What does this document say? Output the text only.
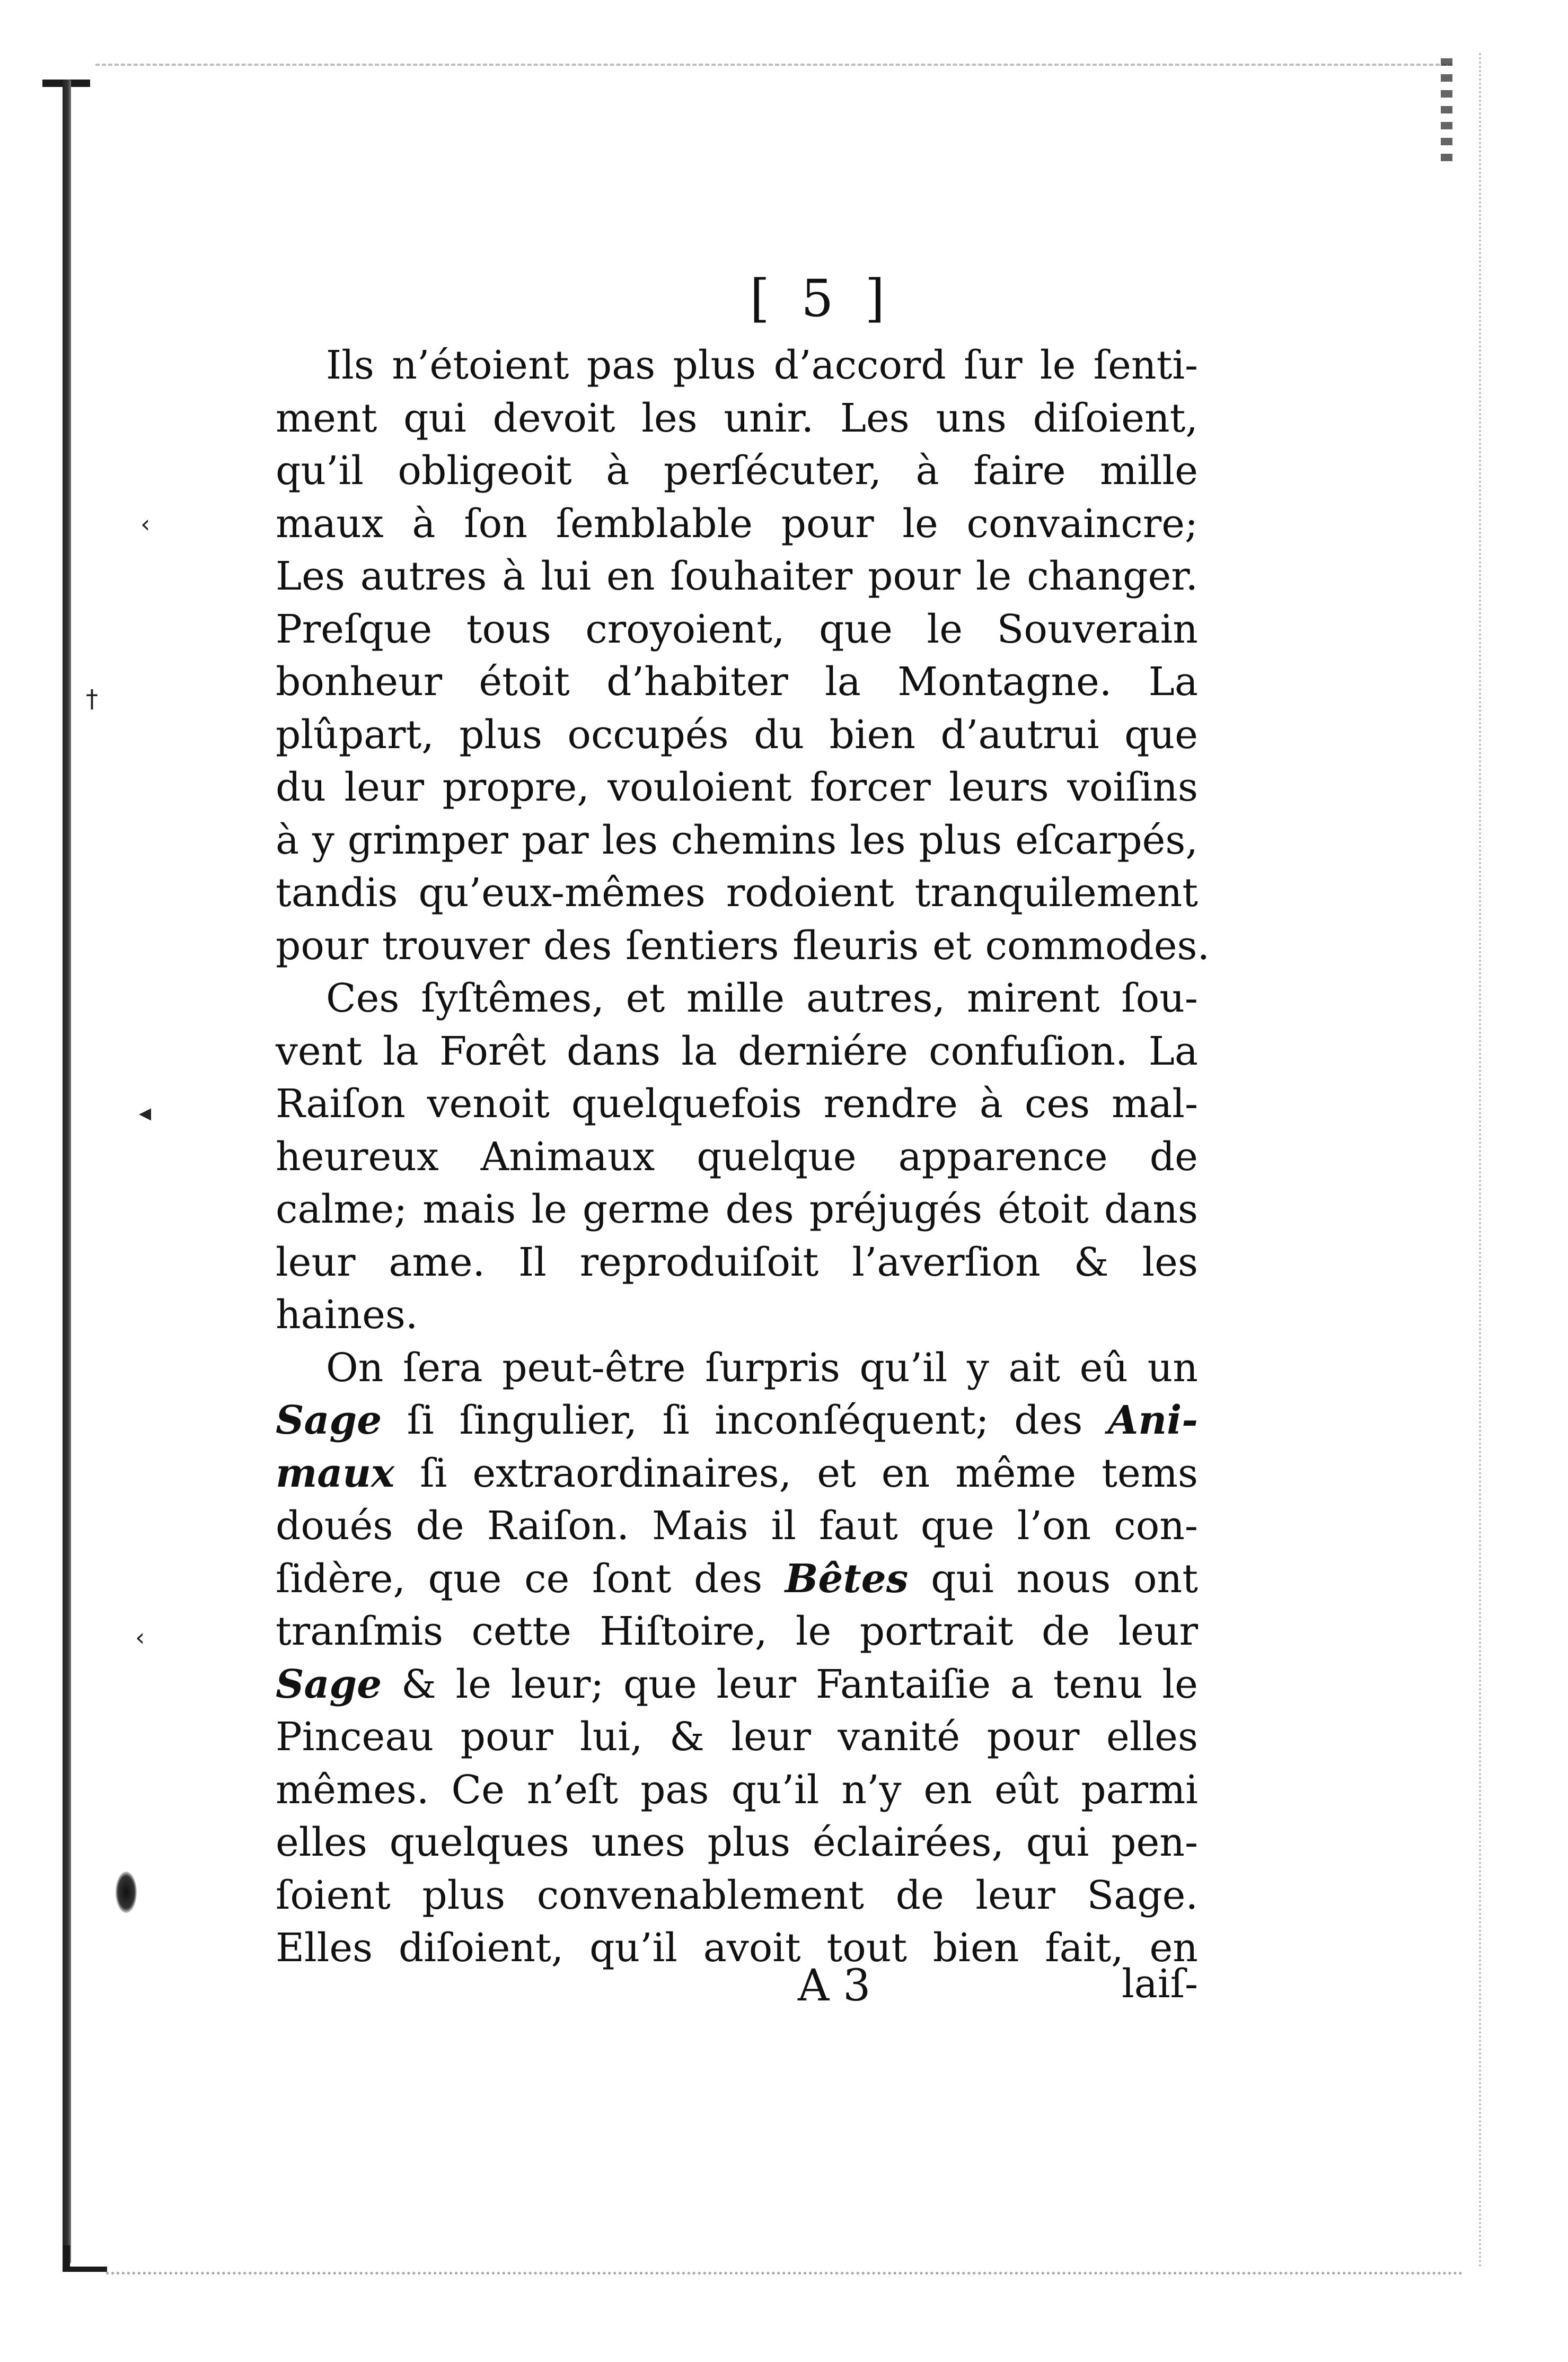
‹
◂
‹
†
[ 5 ]
Ils n’étoient pas plus d’accord ſur le ſenti-
ment qui devoit les unir. Les uns diſoient,
qu’il obligeoit à perſécuter, à faire mille
maux à ſon ſemblable pour le convaincre;
Les autres à lui en ſouhaiter pour le changer.
Preſque tous croyoient, que le Souverain
bonheur étoit d’habiter la Montagne. La
plûpart, plus occupés du bien d’autrui que
du leur propre, vouloient forcer leurs voiſins
à y grimper par les chemins les plus eſcarpés,
tandis qu’eux-mêmes rodoient tranquilement
pour trouver des ſentiers fleuris et commodes.
Ces ſyſtêmes, et mille autres, mirent ſou-
vent la Forêt dans la derniére confuſion. La
Raiſon venoit quelquefois rendre à ces mal-
heureux Animaux quelque apparence de
calme; mais le germe des préjugés étoit dans
leur ame. Il reproduiſoit l’averſion & les
haines.
On ſera peut-être ſurpris qu’il y ait eû un
Sage ſi ſingulier, ſi inconſéquent; des Ani-
maux ſi extraordinaires, et en même tems
doués de Raiſon. Mais il faut que l’on con-
ſidère, que ce ſont des Bêtes qui nous ont
tranſmis cette Hiſtoire, le portrait de leur
Sage & le leur; que leur Fantaiſie a tenu le
Pinceau pour lui, & leur vanité pour elles
mêmes. Ce n’eſt pas qu’il n’y en eût parmi
elles quelques unes plus éclairées, qui pen-
ſoient plus convenablement de leur Sage.
Elles diſoient, qu’il avoit tout bien fait, en
A 3	laiſ-
